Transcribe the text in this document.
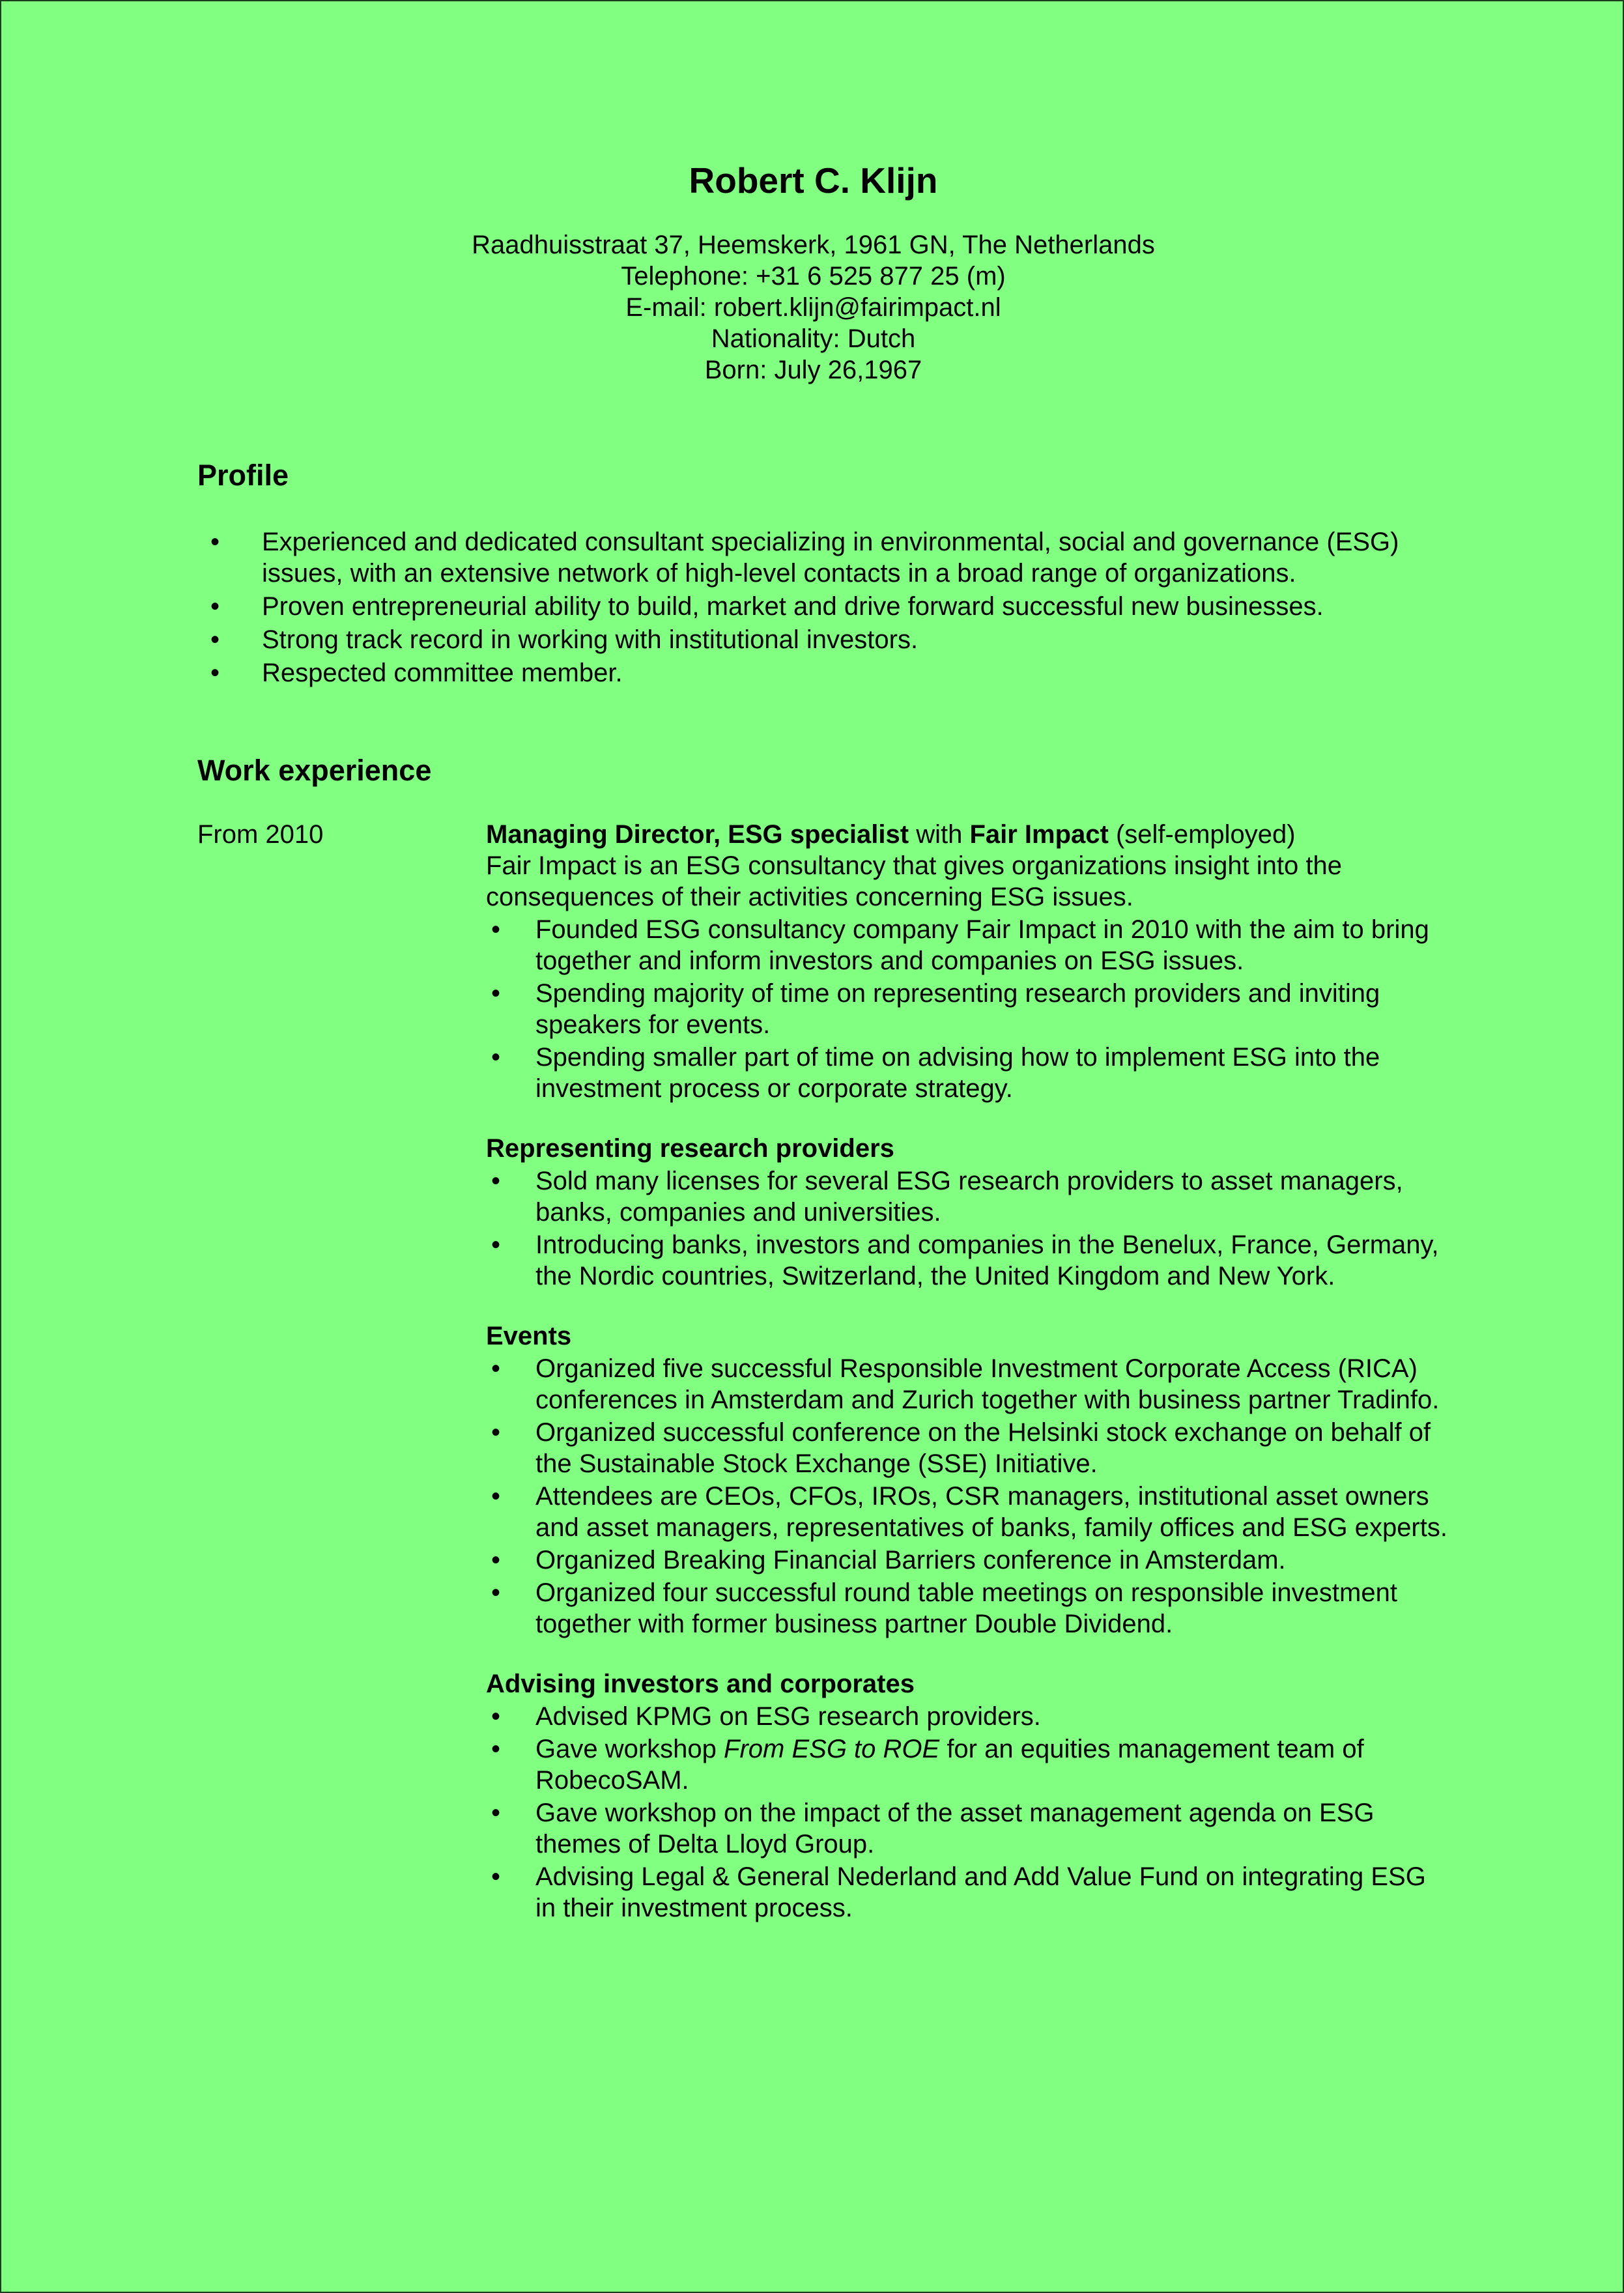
Robert C. Klijn
Raadhuisstraat 37, Heemskerk, 1961 GN, The Netherlands
Telephone: +31 6 525 877 25 (m)
E-mail: robert.klijn@fairimpact.nl
Nationality: Dutch
Born: July 26,1967
Profile
• Experienced and dedicated consultant specializing in environmental, social and governance (ESG) issues, with an extensive network of high-level contacts in a broad range of organizations.
• Proven entrepreneurial ability to build, market and drive forward successful new businesses.
• Strong track record in working with institutional investors.
• Respected committee member.
Work experience
From 2010	Managing Director, ESG specialist with Fair Impact (self-employed)

Fair Impact is an ESG consultancy that gives organizations insight into the consequences of their activities concerning ESG issues.

• Founded ESG consultancy company Fair Impact in 2010 with the aim to bring together and inform investors and companies on ESG issues.
• Spending majority of time on representing research providers and inviting speakers for events.
• Spending smaller part of time on advising how to implement ESG into the investment process or corporate strategy.

Representing research providers

• Sold many licenses for several ESG research providers to asset managers, banks, companies and universities.
• Introducing banks, investors and companies in the Benelux, France, Germany, the Nordic countries, Switzerland, the United Kingdom and New York.

Events

• Organized five successful Responsible Investment Corporate Access (RICA) conferences in Amsterdam and Zurich together with business partner Tradinfo.
• Organized successful conference on the Helsinki stock exchange on behalf of the Sustainable Stock Exchange (SSE) Initiative.
• Attendees are CEOs, CFOs, IROs, CSR managers, institutional asset owners and asset managers, representatives of banks, family offices and ESG experts.
• Organized Breaking Financial Barriers conference in Amsterdam.
• Organized four successful round table meetings on responsible investment together with former business partner Double Dividend.

Advising investors and corporates

• Advised KPMG on ESG research providers.
• Gave workshop From ESG to ROE for an equities management team of RobecoSAM.
• Gave workshop on the impact of the asset management agenda on ESG themes of Delta Lloyd Group.
• Advising Legal & General Nederland and Add Value Fund on integrating ESG in their investment process.
